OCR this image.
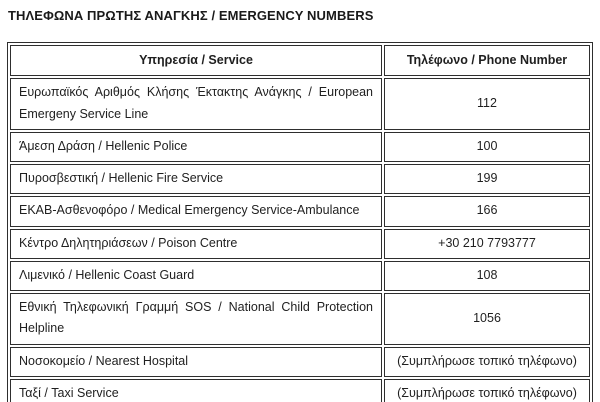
ΤΗΛΕΦΩΝΑ ΠΡΩΤΗΣ ΑΝΑΓΚΗΣ / EMERGENCY NUMBERS
Υπηρεσία / Service	Τηλέφωνο / Phone Number
Ευρωπαϊκός Αριθμός Κλήσης Έκτακτης Ανάγκης / European Emergeny Service Line	112
Άμεση Δράση / Hellenic Police	100
Πυροσβεστική / Hellenic Fire Service	199
ΕΚΑΒ-Ασθενοφόρο / Medical Emergency Service-Ambulance	166
Κέντρο Δηλητηριάσεων / Poison Centre	+30 210 7793777
Λιμενικό / Hellenic Coast Guard	108
Εθνική Τηλεφωνική Γραμμή SOS / National Child Protection Helpline	1056
Νοσοκομείο / Nearest Hospital	(Συμπλήρωσε τοπικό τηλέφωνο)
Ταξί / Taxi Service	(Συμπλήρωσε τοπικό τηλέφωνο)
